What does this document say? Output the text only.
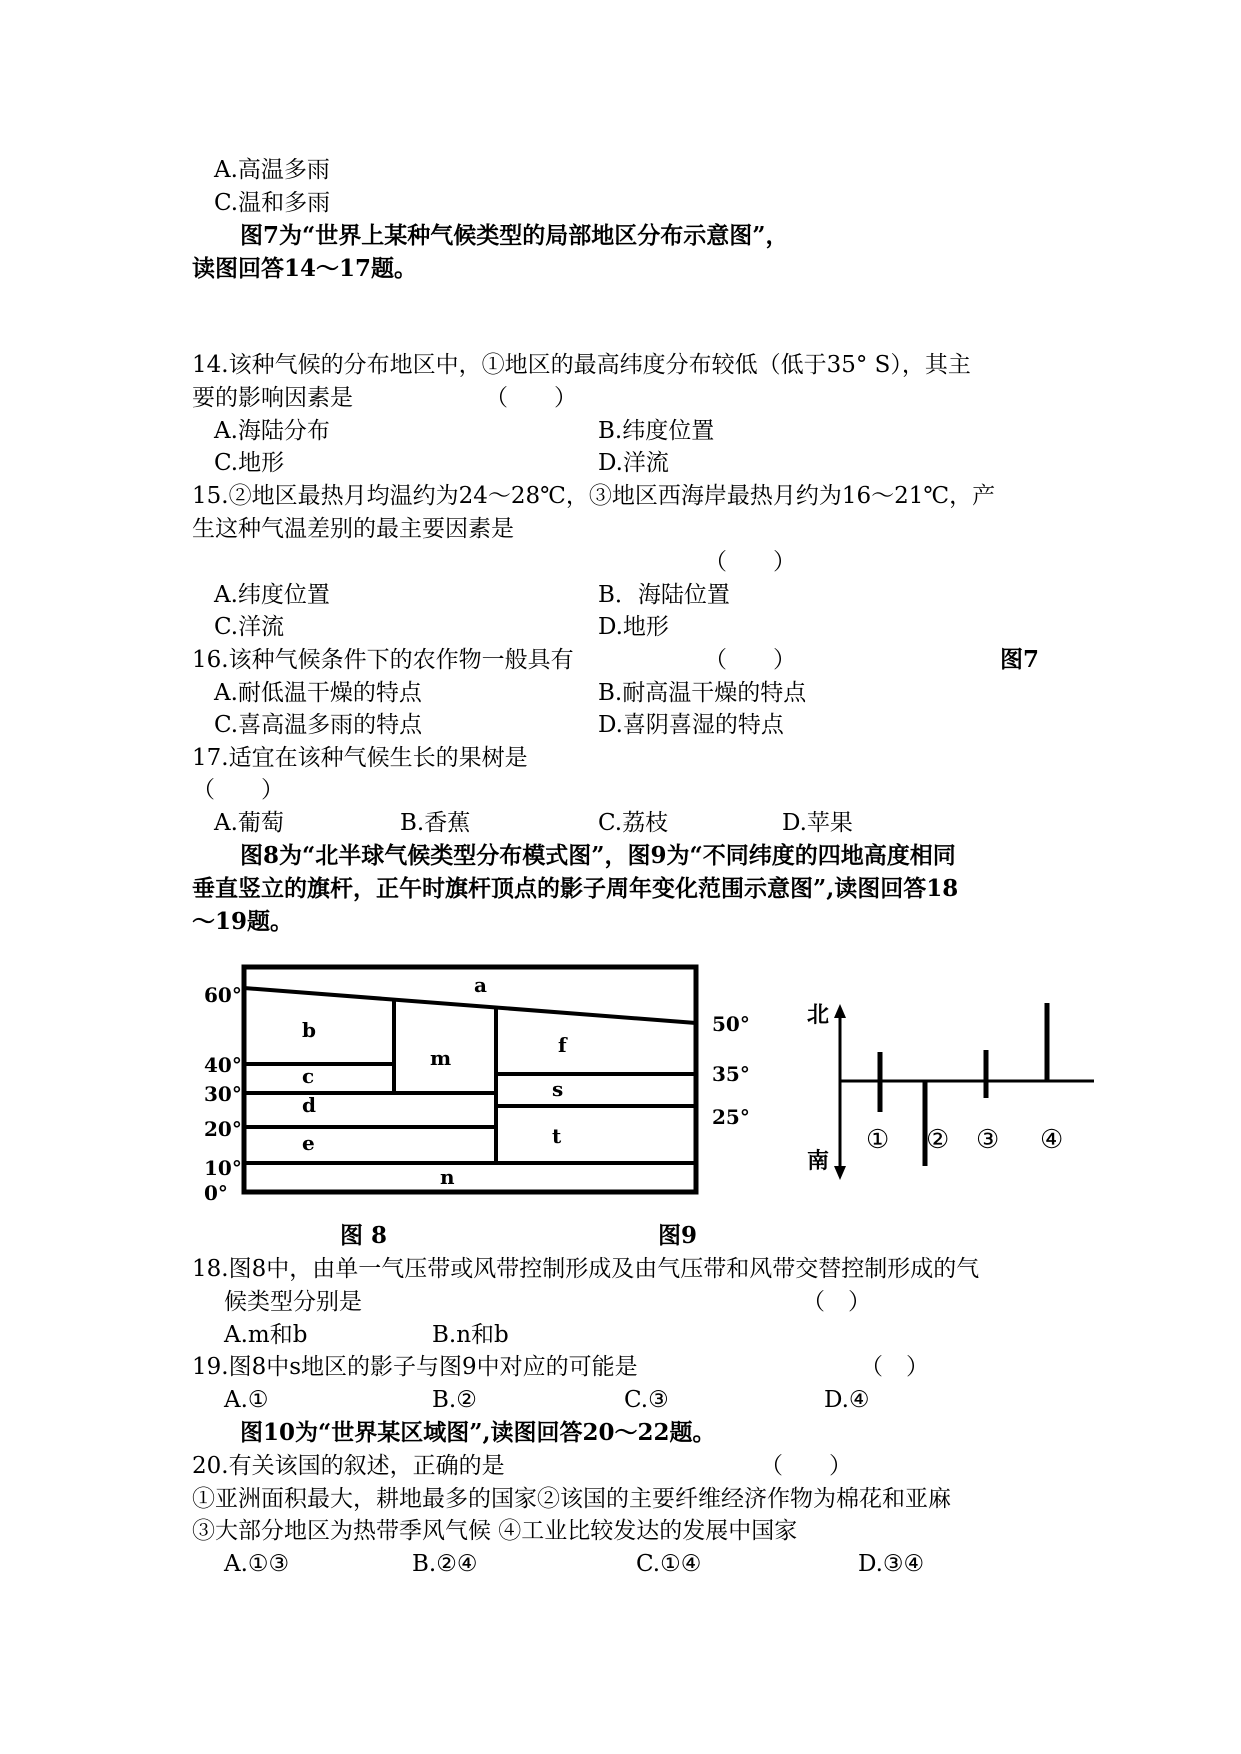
A.高温多雨
C.温和多雨
图7为“世界上某种气候类型的局部地区分布示意图”，
读图回答14～17题。
14.该种气候的分布地区中，①地区的最高纬度分布较低（低于35° S），其主
要的影响因素是	（　　）
A.海陆分布	B.纬度位置
C.地形	D.洋流
15.②地区最热月均温约为24～28℃，③地区西海岸最热月约为16～21℃，产
生这种气温差别的最主要因素是
（　　）
A.纬度位置	B．海陆位置
C.洋流	D.地形
16.该种气候条件下的农作物一般具有	（　　）	图7
A.耐低温干燥的特点	B.耐高温干燥的特点
C.喜高温多雨的特点	D.喜阴喜湿的特点
17.适宜在该种气候生长的果树是
（　　）
A.葡萄	B.香蕉	C.荔枝	D.苹果
图8为“北半球气候类型分布模式图”，图9为“不同纬度的四地高度相同
垂直竖立的旗杆，正午时旗杆顶点的影子周年变化范围示意图”,读图回答18
～19题。
图 8	图9
18.图8中，由单一气压带或风带控制形成及由气压带和风带交替控制形成的气
候类型分别是	（　）
A.m和b	B.n和b
19.图8中s地区的影子与图9中对应的可能是	（　）
A.①	B.②	C.③	D.④
图10为“世界某区域图”,读图回答20～22题。
20.有关该国的叙述，正确的是	（　　）
①亚洲面积最大，耕地最多的国家②该国的主要纤维经济作物为棉花和亚麻
③大部分地区为热带季风气候 ④工业比较发达的发展中国家
A.①③	B.②④	C.①④	D.③④
60°
40°
30°
20°
10°
0°
50°
35°
25°
a
b
m
f
c
s
d
e	t
n
北
南
① ② ③ ④
